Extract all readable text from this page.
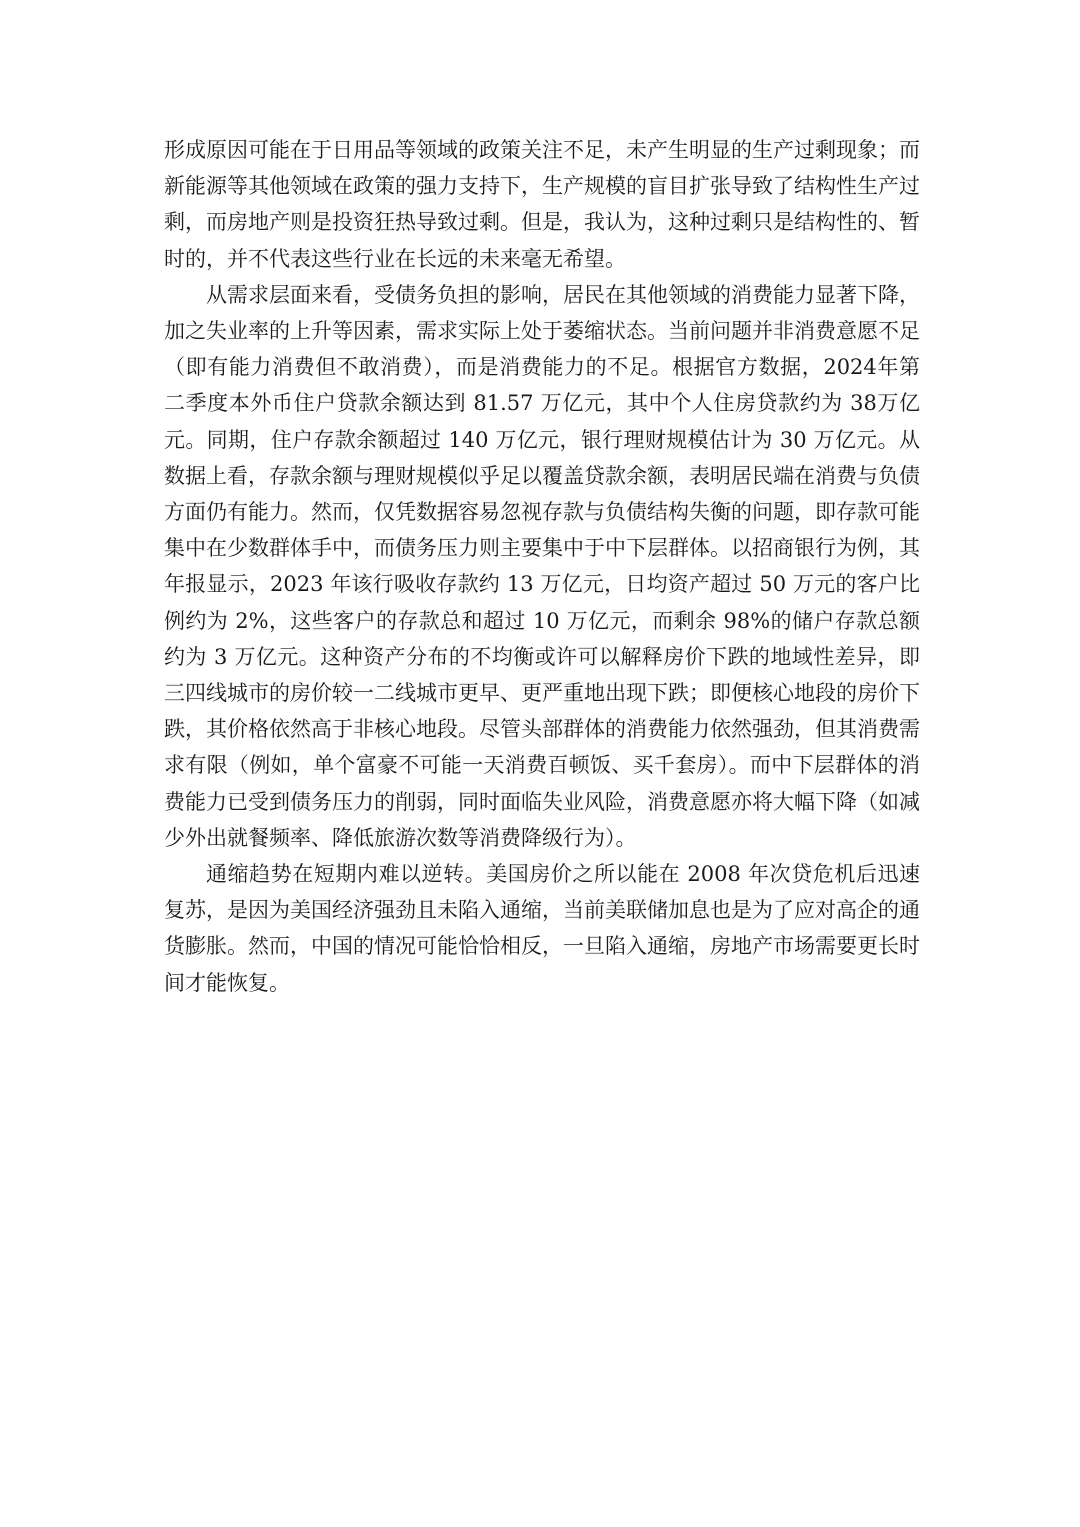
形成原因可能在于日用品等领域的政策关注不足，未产生明显的生产过剩现象；而新能源等其他领域在政策的强力支持下，生产规模的盲目扩张导致了结构性生产过剩，而房地产则是投资狂热导致过剩。但是，我认为，这种过剩只是结构性的、暂时的，并不代表这些行业在长远的未来毫无希望。

从需求层面来看，受债务负担的影响，居民在其他领域的消费能力显著下降，加之失业率的上升等因素，需求实际上处于萎缩状态。当前问题并非消费意愿不足（即有能力消费但不敢消费），而是消费能力的不足。根据官方数据，2024年第二季度本外币住户贷款余额达到 81.57 万亿元，其中个人住房贷款约为 38万亿元。同期，住户存款余额超过 140 万亿元，银行理财规模估计为 30 万亿元。从数据上看，存款余额与理财规模似乎足以覆盖贷款余额，表明居民端在消费与负债方面仍有能力。然而，仅凭数据容易忽视存款与负债结构失衡的问题，即存款可能集中在少数群体手中，而债务压力则主要集中于中下层群体。以招商银行为例，其年报显示，2023 年该行吸收存款约 13 万亿元，日均资产超过 50 万元的客户比例约为 2%，这些客户的存款总和超过 10 万亿元，而剩余 98%的储户存款总额约为 3 万亿元。这种资产分布的不均衡或许可以解释房价下跌的地域性差异，即三四线城市的房价较一二线城市更早、更严重地出现下跌；即便核心地段的房价下跌，其价格依然高于非核心地段。尽管头部群体的消费能力依然强劲，但其消费需求有限（例如，单个富豪不可能一天消费百顿饭、买千套房）。而中下层群体的消费能力已受到债务压力的削弱，同时面临失业风险，消费意愿亦将大幅下降（如减少外出就餐频率、降低旅游次数等消费降级行为）。

通缩趋势在短期内难以逆转。美国房价之所以能在 2008 年次贷危机后迅速复苏，是因为美国经济强劲且未陷入通缩，当前美联储加息也是为了应对高企的通货膨胀。然而，中国的情况可能恰恰相反，一旦陷入通缩，房地产市场需要更长时间才能恢复。
